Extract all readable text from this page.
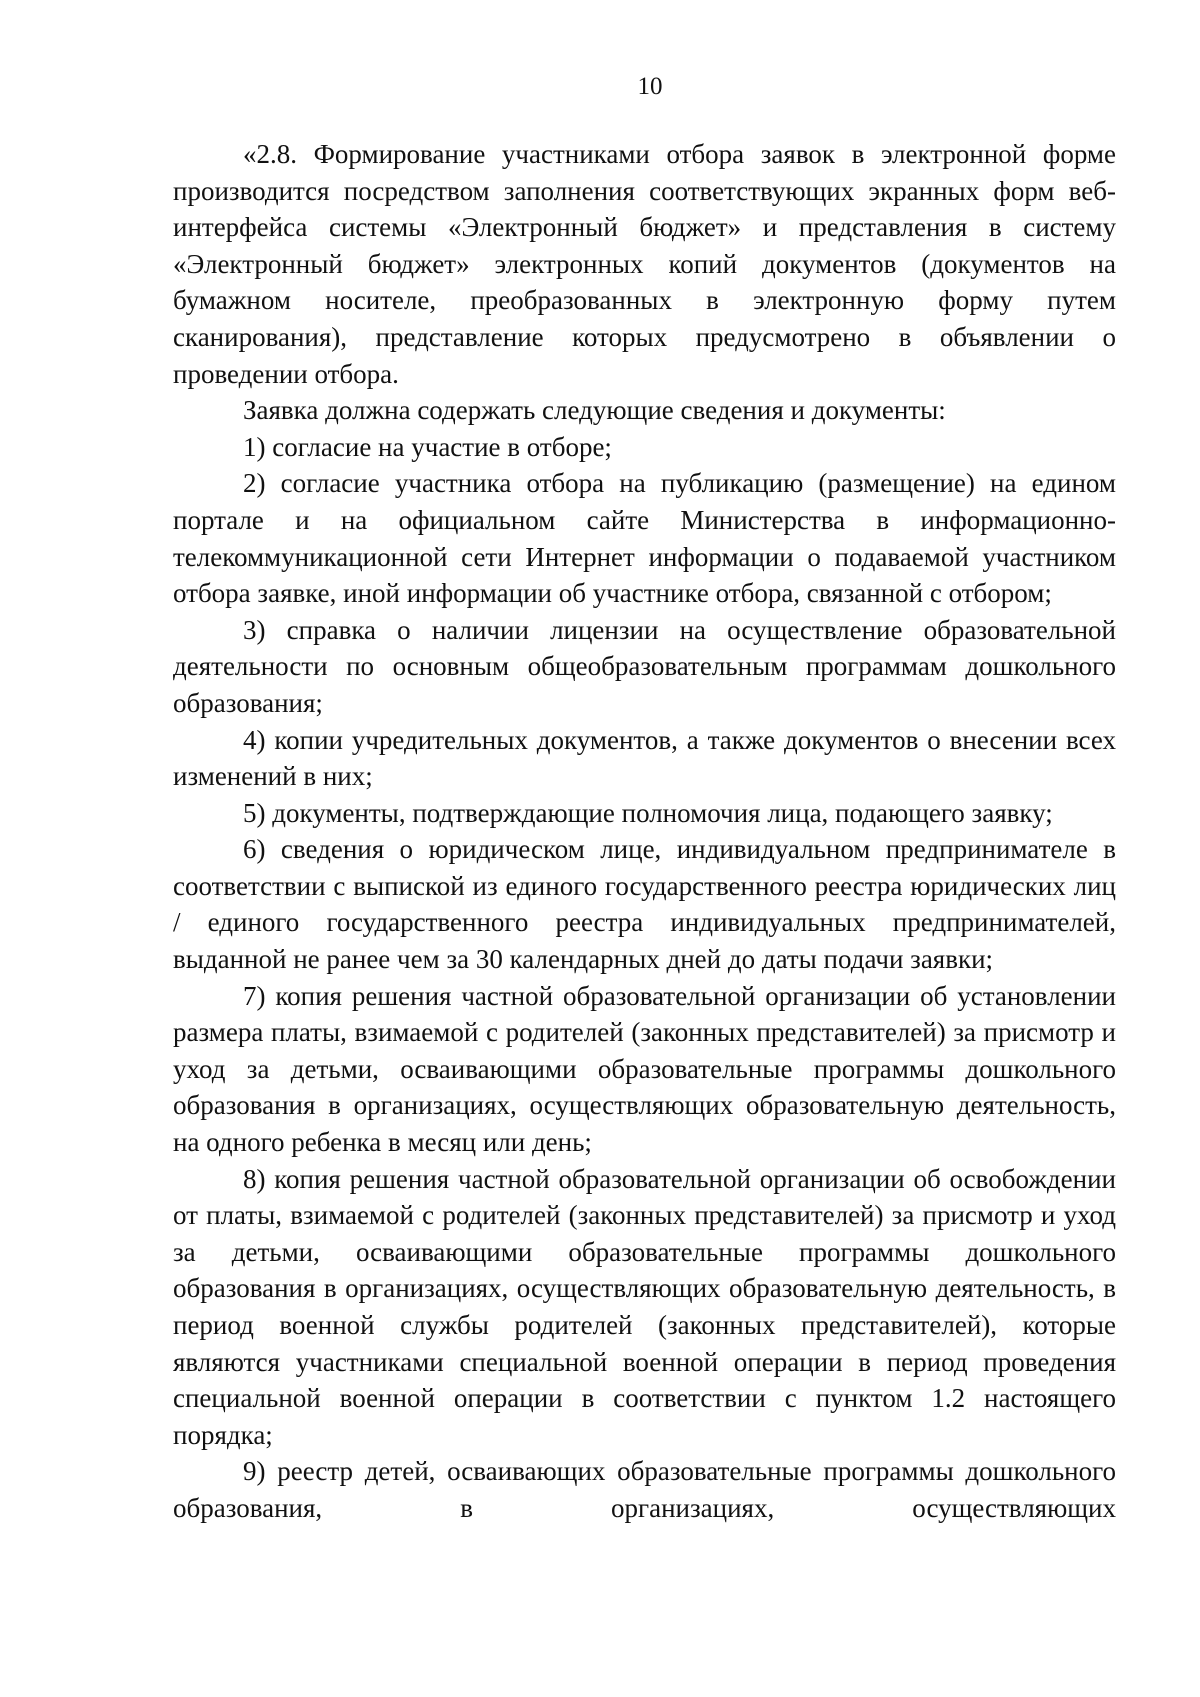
10

«2.8. Формирование участниками отбора заявок в электронной форме производится посредством заполнения соответствующих экранных форм веб-интерфейса системы «Электронный бюджет» и представления в систему «Электронный бюджет» электронных копий документов (документов на бумажном носителе, преобразованных в электронную форму путем сканирования), представление которых предусмотрено в объявлении о проведении отбора.

Заявка должна содержать следующие сведения и документы:

1) согласие на участие в отборе;

2) согласие участника отбора на публикацию (размещение) на едином портале и на официальном сайте Министерства в информационно-телекоммуникационной сети Интернет информации о подаваемой участником отбора заявке, иной информации об участнике отбора, связанной с отбором;

3) справка о наличии лицензии на осуществление образовательной деятельности по основным общеобразовательным программам дошкольного образования;

4) копии учредительных документов, а также документов о внесении всех изменений в них;

5) документы, подтверждающие полномочия лица, подающего заявку;

6) сведения о юридическом лице, индивидуальном предпринимателе в соответствии с выпиской из единого государственного реестра юридических лиц / единого государственного реестра индивидуальных предпринимателей, выданной не ранее чем за 30 календарных дней до даты подачи заявки;

7) копия решения частной образовательной организации об установлении размера платы, взимаемой с родителей (законных представителей) за присмотр и уход за детьми, осваивающими образовательные программы дошкольного образования в организациях, осуществляющих образовательную деятельность, на одного ребенка в месяц или день;

8) копия решения частной образовательной организации об освобождении от платы, взимаемой с родителей (законных представителей) за присмотр и уход за детьми, осваивающими образовательные программы дошкольного образования в организациях, осуществляющих образовательную деятельность, в период военной службы родителей (законных представителей), которые являются участниками специальной военной операции в период проведения специальной военной операции в соответствии с пунктом 1.2 настоящего порядка;

9) реестр детей, осваивающих образовательные программы дошкольного образования, в организациях, осуществляющих
